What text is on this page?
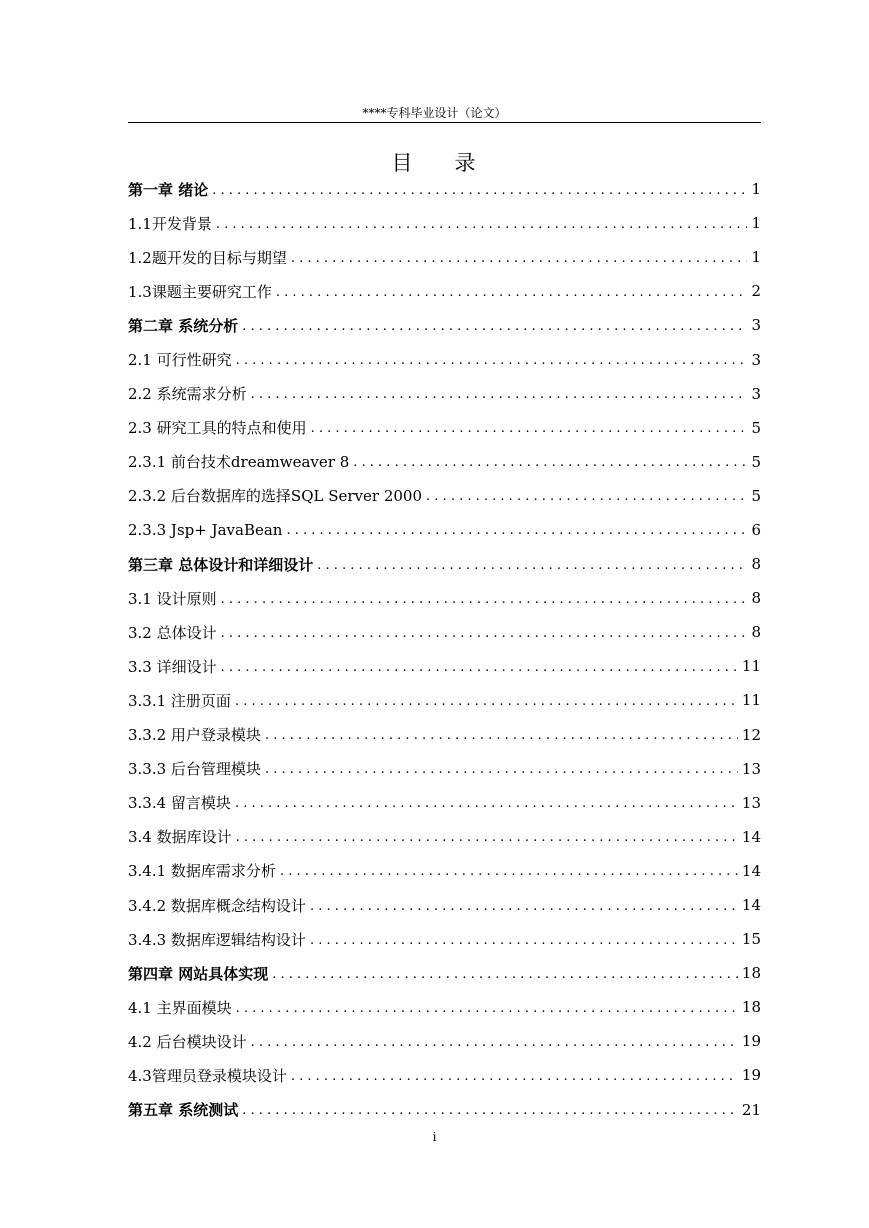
****专科毕业设计（论文）
目 录
第一章 绪论 . . .	1
1.1开发背景 . . .	1
1.2题开发的目标与期望 . . .	1
1.3课题主要研究工作 . . .	2
第二章 系统分析 . . .	3
2.1 可行性研究 . . .	3
2.2 系统需求分析 . . .	3
2.3 研究工具的特点和使用 . . .	5
2.3.1 前台技术dreamweaver 8 . . .	5
2.3.2 后台数据库的选择SQL Server 2000 . . .	5
2.3.3 Jsp+ JavaBean . . .	6
第三章 总体设计和详细设计 . . .	8
3.1 设计原则 . . .	8
3.2 总体设计 . . .	8
3.3 详细设计 . . .	11
3.3.1 注册页面 . . .	11
3.3.2 用户登录模块 . . .	12
3.3.3 后台管理模块 . . .	13
3.3.4 留言模块 . . .	13
3.4 数据库设计 . . .	14
3.4.1 数据库需求分析 . . .	14
3.4.2 数据库概念结构设计 . . .	14
3.4.3 数据库逻辑结构设计 . . .	15
第四章 网站具体实现 . . .	18
4.1 主界面模块 . . .	18
4.2 后台模块设计 . . .	19
4.3管理员登录模块设计 . . .	19
第五章 系统测试 . . .	21
i
